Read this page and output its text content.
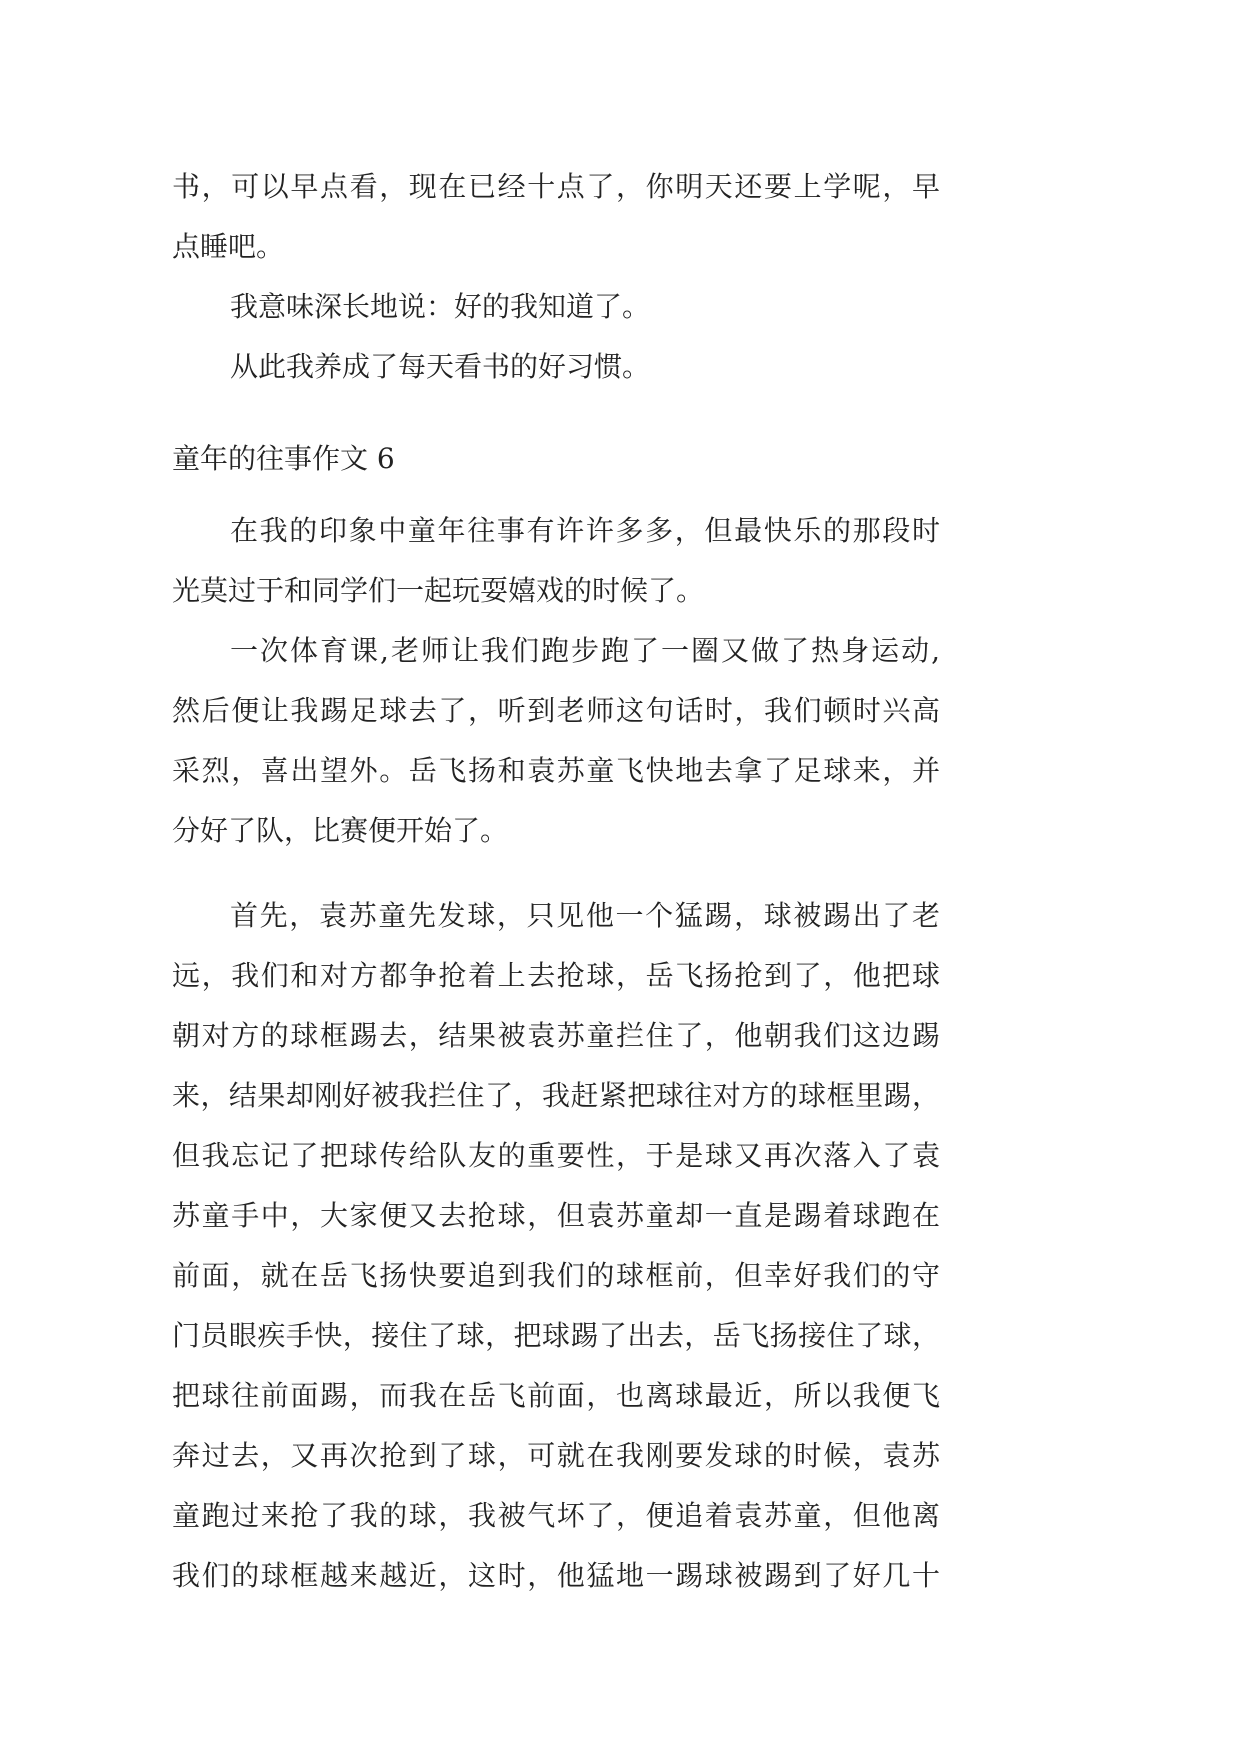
书，可以早点看，现在已经十点了，你明天还要上学呢，早
点睡吧。
我意味深长地说：好的我知道了。
从此我养成了每天看书的好习惯。
童年的往事作文 6
在我的印象中童年往事有许许多多，但最快乐的那段时
光莫过于和同学们一起玩耍嬉戏的时候了。
一次体育课,老师让我们跑步跑了一圈又做了热身运动,
然后便让我踢足球去了，听到老师这句话时，我们顿时兴高
采烈，喜出望外。岳飞扬和袁苏童飞快地去拿了足球来，并
分好了队，比赛便开始了。
首先，袁苏童先发球，只见他一个猛踢，球被踢出了老
远，我们和对方都争抢着上去抢球，岳飞扬抢到了，他把球
朝对方的球框踢去，结果被袁苏童拦住了，他朝我们这边踢
来，结果却刚好被我拦住了，我赶紧把球往对方的球框里踢，
但我忘记了把球传给队友的重要性，于是球又再次落入了袁
苏童手中，大家便又去抢球，但袁苏童却一直是踢着球跑在
前面，就在岳飞扬快要追到我们的球框前，但幸好我们的守
门员眼疾手快，接住了球，把球踢了出去，岳飞扬接住了球，
把球往前面踢，而我在岳飞前面，也离球最近，所以我便飞
奔过去，又再次抢到了球，可就在我刚要发球的时候，袁苏
童跑过来抢了我的球，我被气坏了，便追着袁苏童，但他离
我们的球框越来越近，这时，他猛地一踢球被踢到了好几十
